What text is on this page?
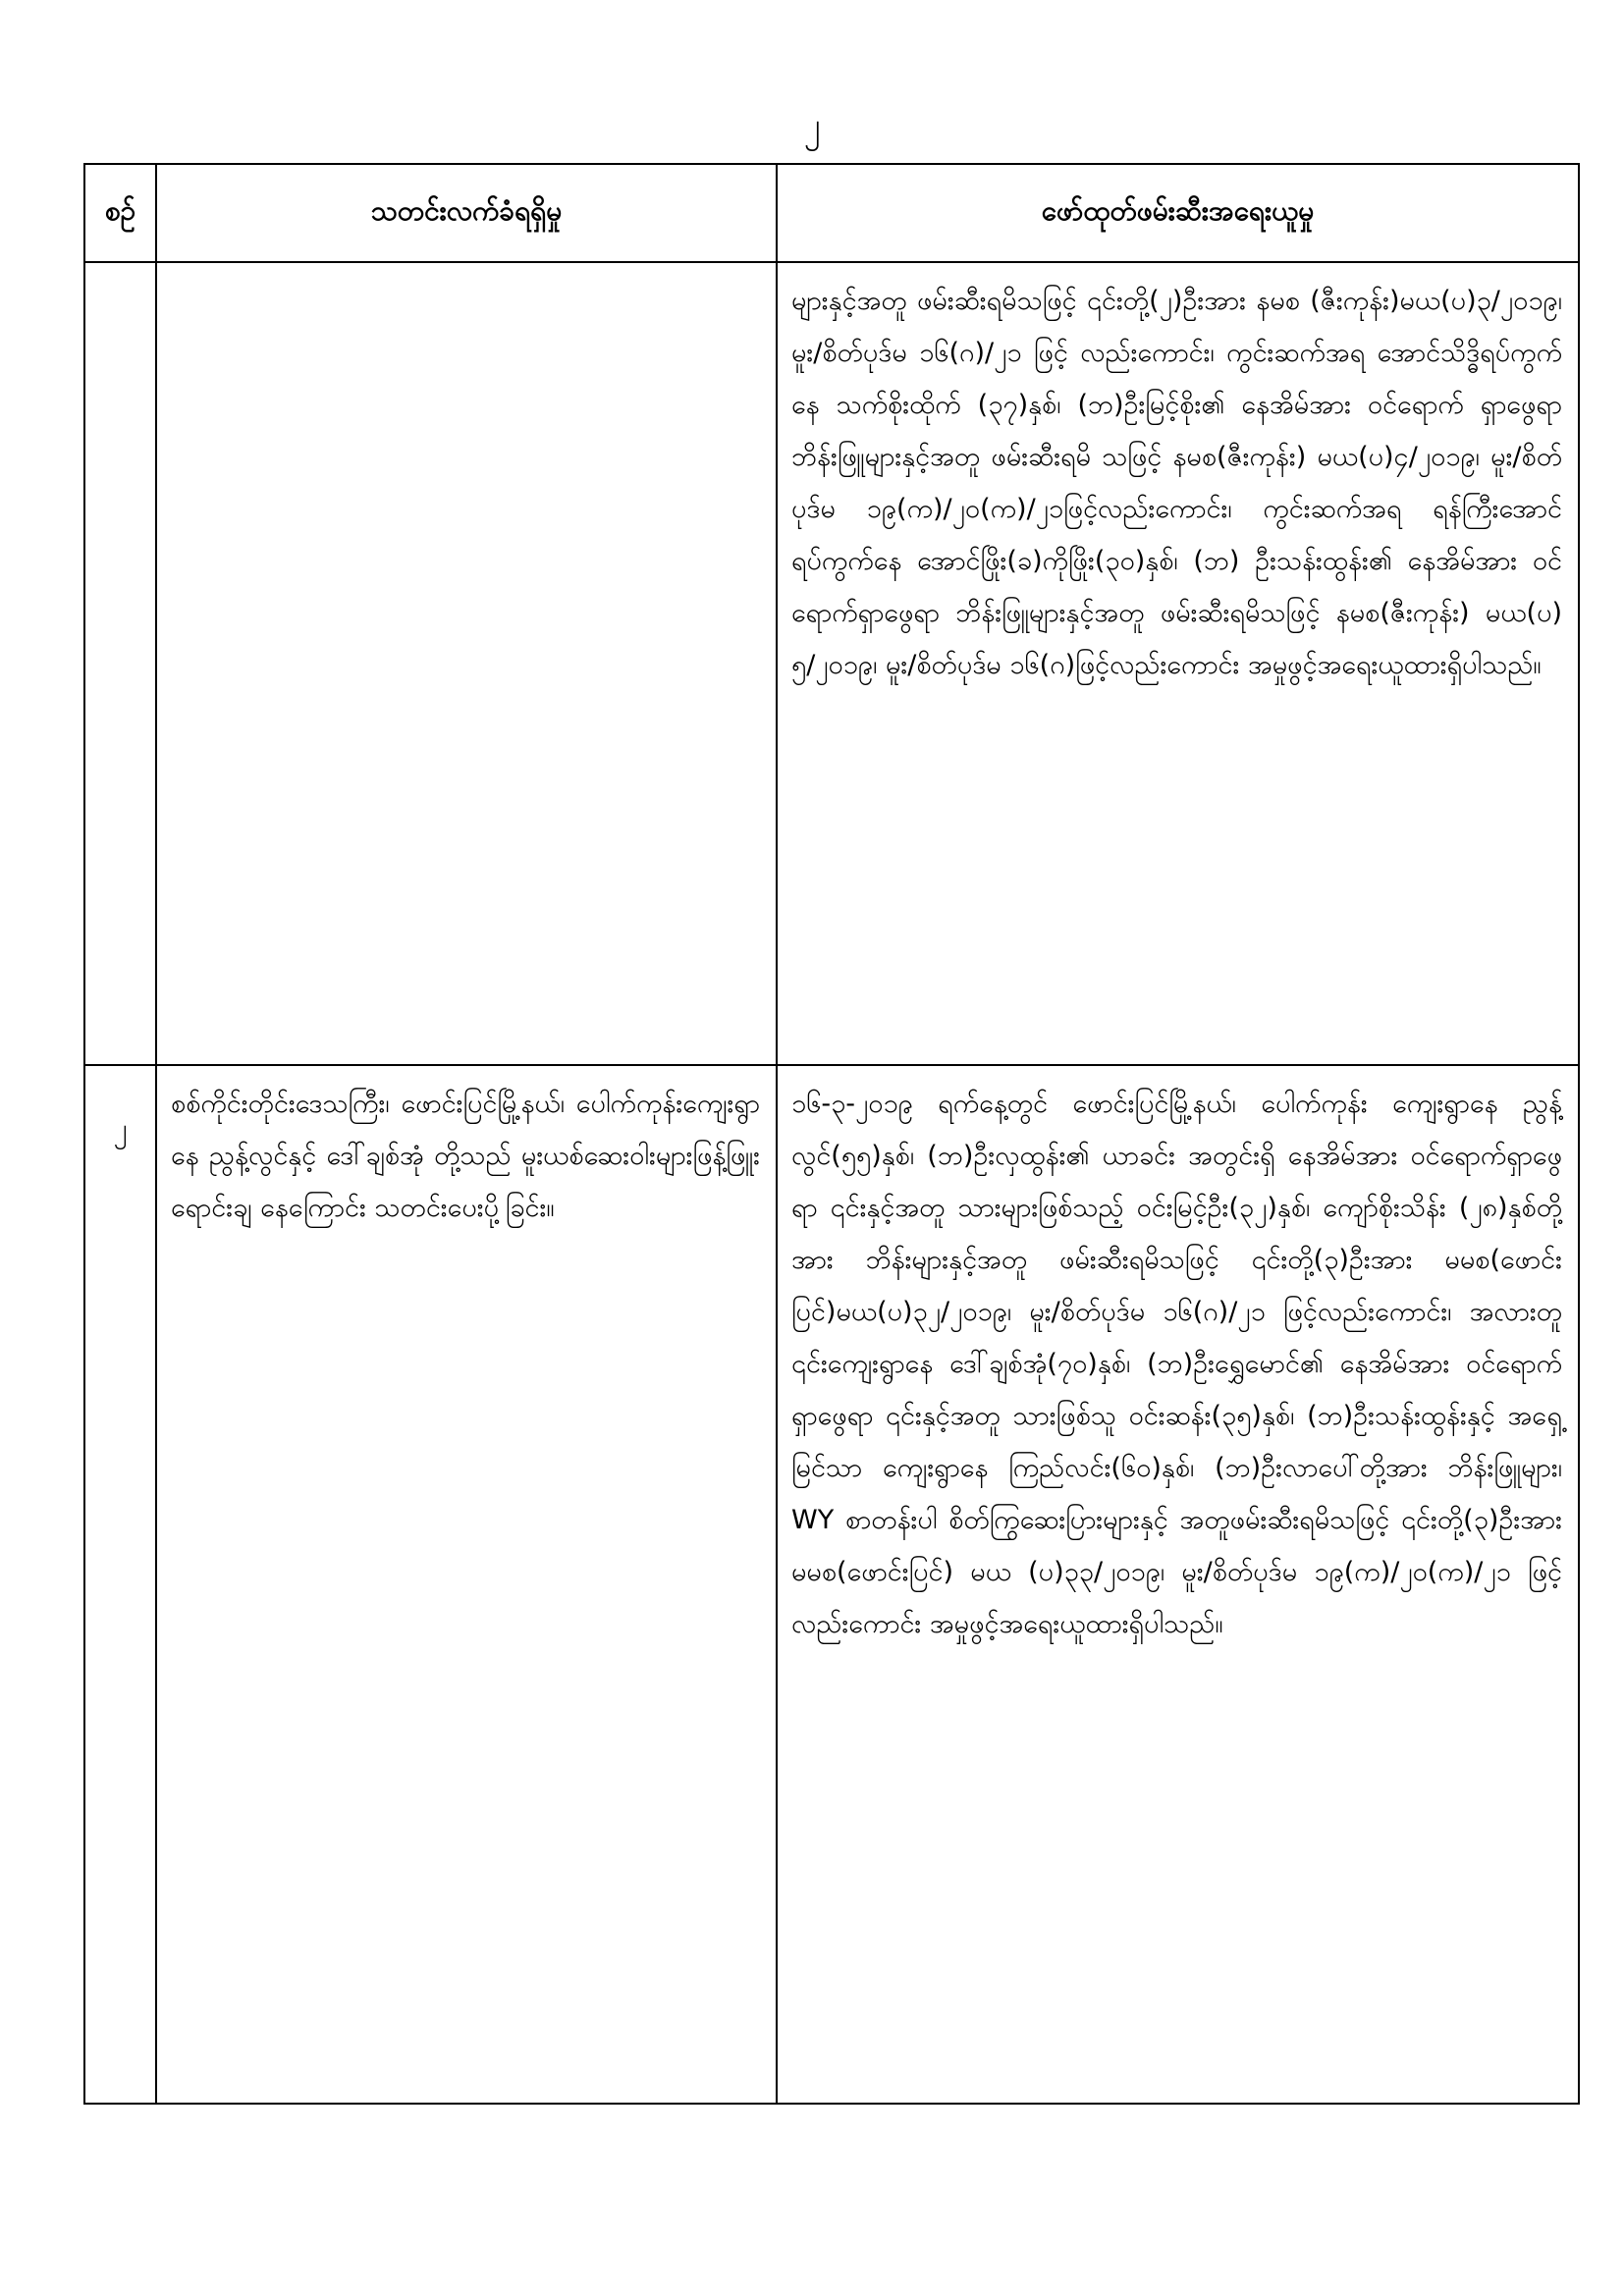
၂
စဉ်	သတင်းလက်ခံရရှိမှု	ဖော်ထုတ်ဖမ်းဆီးအရေးယူမှု
		များနှင့်အတူ ဖမ်းဆီးရမိသဖြင့် ၎င်းတို့(၂)ဦးအား နမစ (ဇီးကုန်း)မယ(ပ)၃/၂၀၁၉၊ မူး/စိတ်ပုဒ်မ ၁၆(ဂ)/၂၁ ဖြင့် လည်းကောင်း၊ ကွင်းဆက်အရ အောင်သိဒ္ဓိရပ်ကွက်နေ သက်စိုးထိုက် (၃၇)နှစ်၊ (ဘ)ဦးမြင့်စိုး၏ နေအိမ်အား ဝင်ရောက် ရှာဖွေရာ ဘိန်းဖြူများနှင့်အတူ ဖမ်းဆီးရမိ သဖြင့် နမစ(ဇီးကုန်း) မယ(ပ)၄/၂၀၁၉၊ မူး/စိတ်ပုဒ်မ ၁၉(က)/၂၀(က)/၂၁ဖြင့်လည်းကောင်း၊ ကွင်းဆက်အရ ရန်ကြီးအောင်ရပ်ကွက်နေ အောင်ဖြိုး(ခ)ကိုဖြိုး(၃၀)နှစ်၊ (ဘ) ဦးသန်းထွန်း၏ နေအိမ်အား ဝင်ရောက်ရှာဖွေရာ ဘိန်းဖြူများနှင့်အတူ ဖမ်းဆီးရမိသဖြင့် နမစ(ဇီးကုန်း) မယ(ပ) ၅/၂၀၁၉၊ မူး/စိတ်ပုဒ်မ ၁၆(ဂ)ဖြင့်လည်းကောင်း အမှုဖွင့်အရေးယူထားရှိပါသည်။
၂	စစ်ကိုင်းတိုင်းဒေသကြီး၊ ဖောင်းပြင်မြို့နယ်၊ ပေါက်ကုန်းကျေးရွာနေ ညွန့်လွင်နှင့် ဒေါ်ချစ်အုံ တို့သည် မူးယစ်ဆေးဝါးများဖြန့်ဖြူးရောင်းချ နေကြောင်း သတင်းပေးပို့ခြင်း။	၁၆-၃-၂၀၁၉ ရက်နေ့တွင် ဖောင်းပြင်မြို့နယ်၊ ပေါက်ကုန်း ကျေးရွာနေ ညွန့်လွင်(၅၅)နှစ်၊ (ဘ)ဦးလှထွန်း၏ ယာခင်း အတွင်းရှိ နေအိမ်အား ဝင်ရောက်ရှာဖွေရာ ၎င်းနှင့်အတူ သားများဖြစ်သည့် ဝင်းမြင့်ဦး(၃၂)နှစ်၊ ကျော်စိုးသိန်း (၂၈)နှစ်တို့အား ဘိန်းများနှင့်အတူ ဖမ်းဆီးရမိသဖြင့် ၎င်းတို့(၃)ဦးအား မမစ(ဖောင်းပြင်)မယ(ပ)၃၂/၂၀၁၉၊ မူး/စိတ်ပုဒ်မ ၁၆(ဂ)/၂၁ ဖြင့်လည်းကောင်း၊ အလားတူ ၎င်းကျေးရွာနေ ဒေါ်ချစ်အုံ(၇၀)နှစ်၊ (ဘ)ဦးရွှေမောင်၏ နေအိမ်အား ဝင်ရောက်ရှာဖွေရာ ၎င်းနှင့်အတူ သားဖြစ်သူ ဝင်းဆန်း(၃၅)နှစ်၊ (ဘ)ဦးသန်းထွန်းနှင့် အရှေ့မြင်သာ ကျေးရွာနေ ကြည်လင်း(၆၀)နှစ်၊ (ဘ)ဦးလာပေါ်တို့အား ဘိန်းဖြူများ၊ WY စာတန်းပါ စိတ်ကြွဆေးပြားများနှင့် အတူဖမ်းဆီးရမိသဖြင့် ၎င်းတို့(၃)ဦးအား မမစ(ဖောင်းပြင်) မယ (ပ)၃၃/၂၀၁၉၊ မူး/စိတ်ပုဒ်မ ၁၉(က)/၂၀(က)/၂၁ ဖြင့် လည်းကောင်း အမှုဖွင့်အရေးယူထားရှိပါသည်။
